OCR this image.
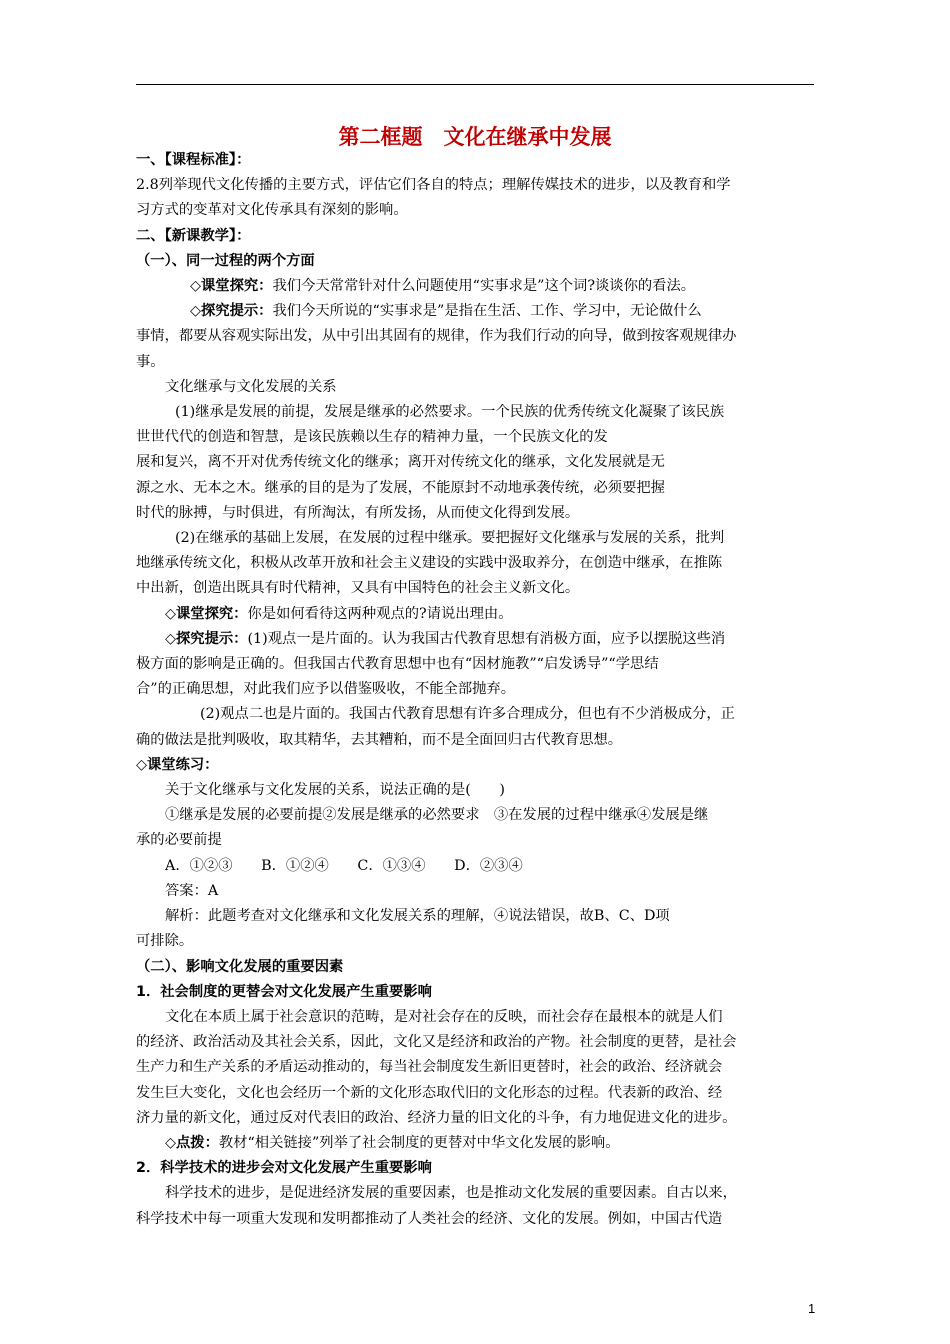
第二框题　文化在继承中发展

一、【课程标准】：

2.8列举现代文化传播的主要方式，评估它们各自的特点；理解传媒技术的进步，以及教育和学

习方式的变革对文化传承具有深刻的影响。

二、【新课教学】：

（一）、同一过程的两个方面

◇课堂探究：我们今天常常针对什么问题使用“实事求是”这个词?谈谈你的看法。

◇探究提示：我们今天所说的“实事求是”是指在生活、工作、学习中，无论做什么

事情，都要从容观实际出发，从中引出其固有的规律，作为我们行动的向导，做到按客观规律办

事。

文化继承与文化发展的关系

(1)继承是发展的前提，发展是继承的必然要求。一个民族的优秀传统文化凝聚了该民族

世世代代的创造和智慧，是该民族赖以生存的精神力量，一个民族文化的发

展和复兴，离不开对优秀传统文化的继承；离开对传统文化的继承，文化发展就是无

源之水、无本之木。继承的目的是为了发展，不能原封不动地承袭传统，必须要把握

时代的脉搏，与时俱进，有所淘汰，有所发扬，从而使文化得到发展。

(2)在继承的基础上发展，在发展的过程中继承。要把握好文化继承与发展的关系，批判

地继承传统文化，积极从改革开放和社会主义建设的实践中汲取养分，在创造中继承，在推陈

中出新，创造出既具有时代精神，又具有中国特色的社会主义新文化。

◇课堂探究：你是如何看待这两种观点的?请说出理由。

◇探究提示：(1)观点一是片面的。认为我国古代教育思想有消极方面，应予以摆脱这些消

极方面的影响是正确的。但我国古代教育思想中也有“因材施教”“启发诱导”“学思结

合”的正确思想，对此我们应予以借鉴吸收，不能全部抛弃。

(2)观点二也是片面的。我国古代教育思想有许多合理成分，但也有不少消极成分，正

确的做法是批判吸收，取其精华，去其糟粕，而不是全面回归古代教育思想。

◇课堂练习：

关于文化继承与文化发展的关系，说法正确的是(　　)

①继承是发展的必要前提②发展是继承的必然要求　③在发展的过程中继承④发展是继

承的必要前提

A．①②③　　B．①②④　　C．①③④　　D．②③④

答案：A

解析：此题考查对文化继承和文化发展关系的理解，④说法错误，故B、C、D项

可排除。

（二）、影响文化发展的重要因素

1．社会制度的更替会对文化发展产生重要影响

文化在本质上属于社会意识的范畴，是对社会存在的反映，而社会存在最根本的就是人们

的经济、政治活动及其社会关系，因此，文化又是经济和政治的产物。社会制度的更替，是社会

生产力和生产关系的矛盾运动推动的，每当社会制度发生新旧更替时，社会的政治、经济就会

发生巨大变化，文化也会经历一个新的文化形态取代旧的文化形态的过程。代表新的政治、经

济力量的新文化，通过反对代表旧的政治、经济力量的旧文化的斗争，有力地促进文化的进步。

◇点拨：教材“相关链接”列举了社会制度的更替对中华文化发展的影响。

2．科学技术的进步会对文化发展产生重要影响

科学技术的进步，是促进经济发展的重要因素，也是推动文化发展的重要因素。自古以来，

科学技术中每一项重大发现和发明都推动了人类社会的经济、文化的发展。例如，中国古代造

1
